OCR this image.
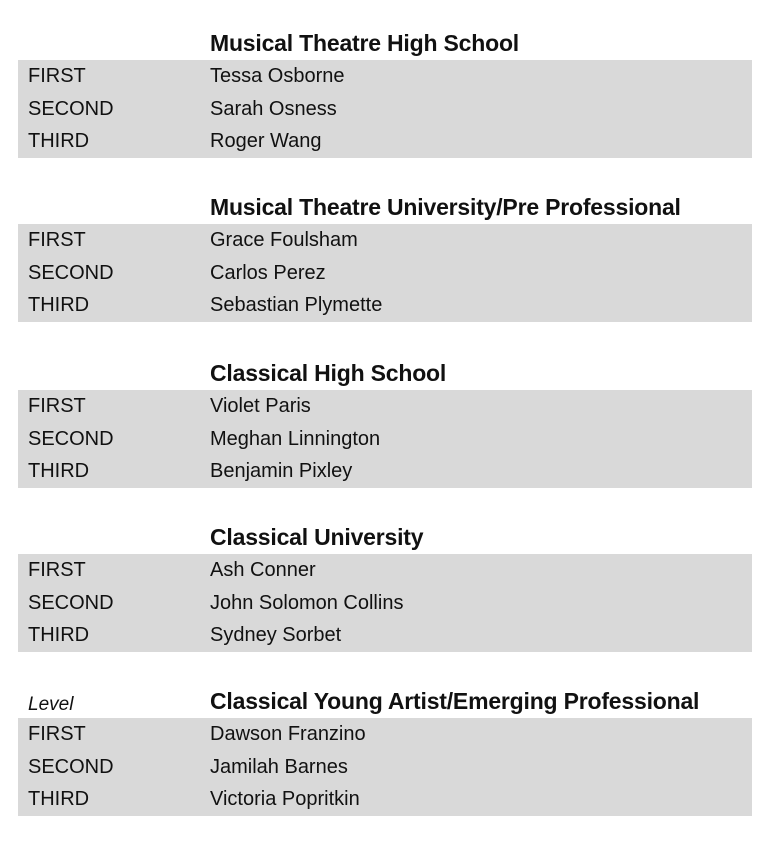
Musical Theatre High School
FIRST	Tessa Osborne
SECOND	Sarah Osness
THIRD	Roger Wang
Musical Theatre University/Pre Professional
FIRST	Grace Foulsham
SECOND	Carlos Perez
THIRD	Sebastian Plymette
Classical High School
FIRST	Violet Paris
SECOND	Meghan Linnington
THIRD	Benjamin Pixley
Classical University
FIRST	Ash Conner
SECOND	John Solomon Collins
THIRD	Sydney Sorbet
Level	Classical Young Artist/Emerging Professional
FIRST	Dawson Franzino
SECOND	Jamilah Barnes
THIRD	Victoria Popritkin
